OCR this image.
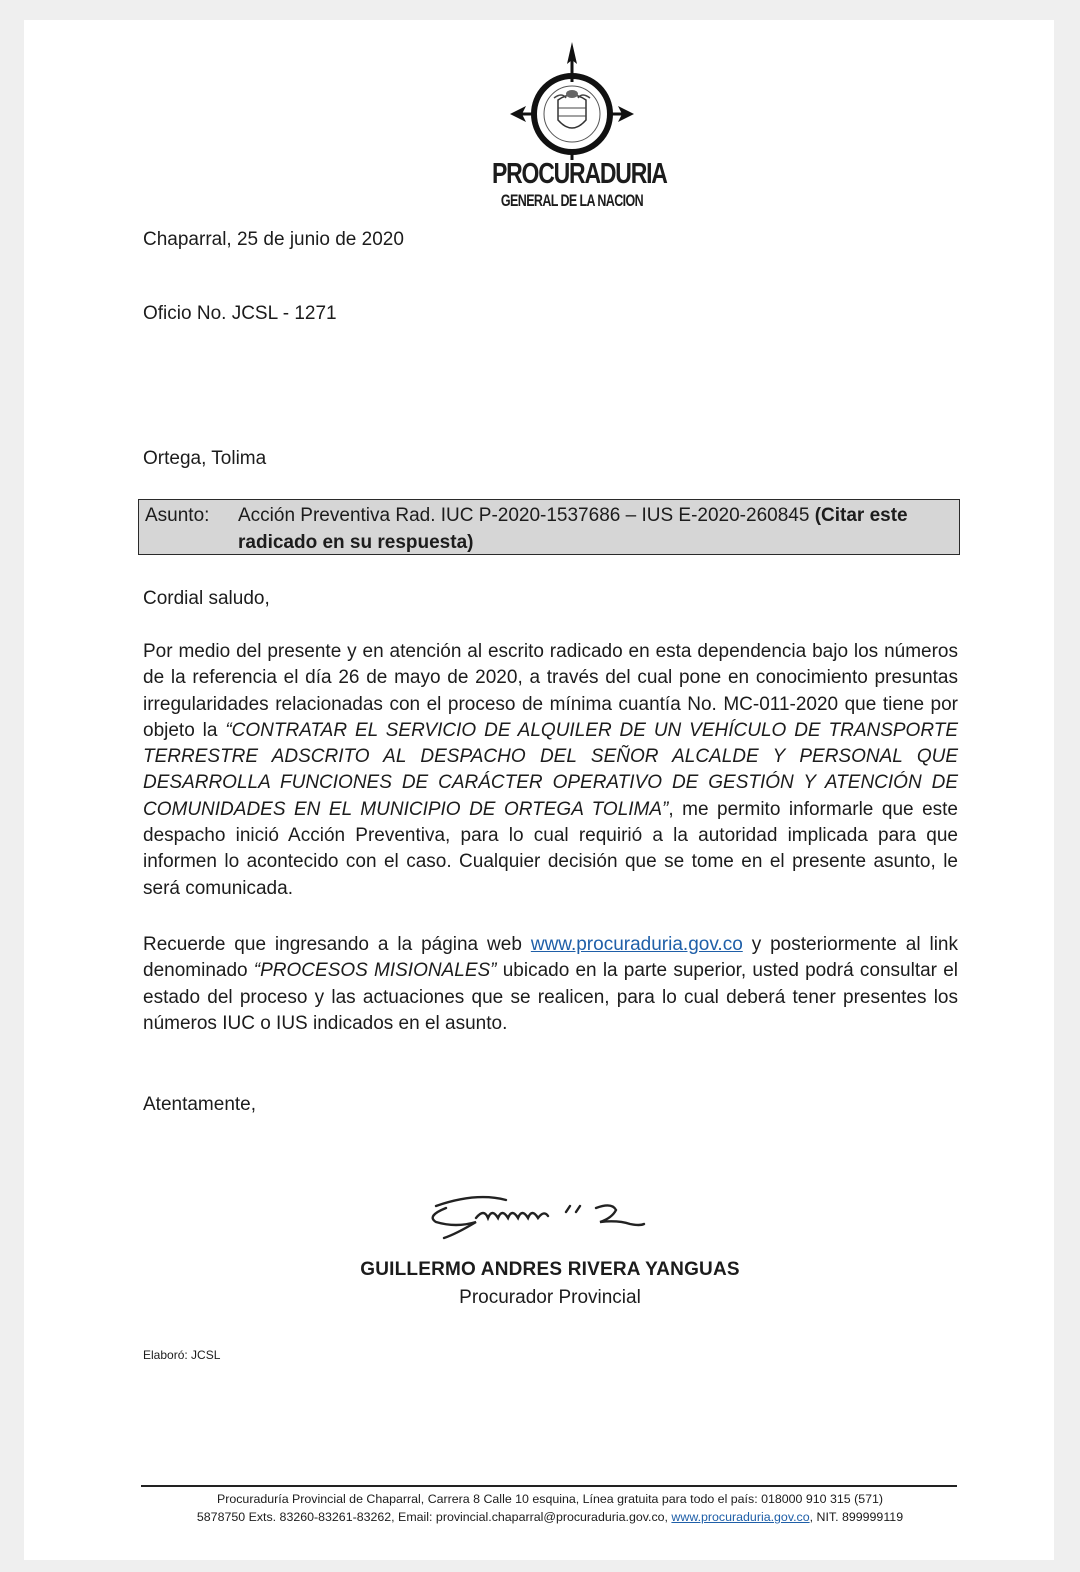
PROCURADURIA
GENERAL DE LA NACION
Chaparral, 25 de junio de 2020
Oficio No. JCSL - 1271
Ortega, Tolima
Asunto: Acción Preventiva Rad. IUC P-2020-1537686 – IUS E-2020-260845 (Citar este radicado en su respuesta)
Cordial saludo,
Por medio del presente y en atención al escrito radicado en esta dependencia bajo los números de la referencia el día 26 de mayo de 2020, a través del cual pone en conocimiento presuntas irregularidades relacionadas con el proceso de mínima cuantía No. MC-011-2020 que tiene por objeto la “CONTRATAR EL SERVICIO DE ALQUILER DE UN VEHÍCULO DE TRANSPORTE TERRESTRE ADSCRITO AL DESPACHO DEL SEÑOR ALCALDE Y PERSONAL QUE DESARROLLA FUNCIONES DE CARÁCTER OPERATIVO DE GESTIÓN Y ATENCIÓN DE COMUNIDADES EN EL MUNICIPIO DE ORTEGA TOLIMA”, me permito informarle que este despacho inició Acción Preventiva, para lo cual requirió a la autoridad implicada para que informen lo acontecido con el caso. Cualquier decisión que se tome en el presente asunto, le será comunicada.
Recuerde que ingresando a la página web www.procuraduria.gov.co y posteriormente al link denominado “PROCESOS MISIONALES” ubicado en la parte superior, usted podrá consultar el estado del proceso y las actuaciones que se realicen, para lo cual deberá tener presentes los números IUC o IUS indicados en el asunto.
Atentamente,
GUILLERMO ANDRES RIVERA YANGUAS
Procurador Provincial
Elaboró: JCSL
Procuraduría Provincial de Chaparral, Carrera 8 Calle 10 esquina, Línea gratuita para todo el país: 018000 910 315 (571)
5878750 Exts. 83260-83261-83262, Email: provincial.chaparral@procuraduria.gov.co, www.procuraduria.gov.co, NIT. 899999119
